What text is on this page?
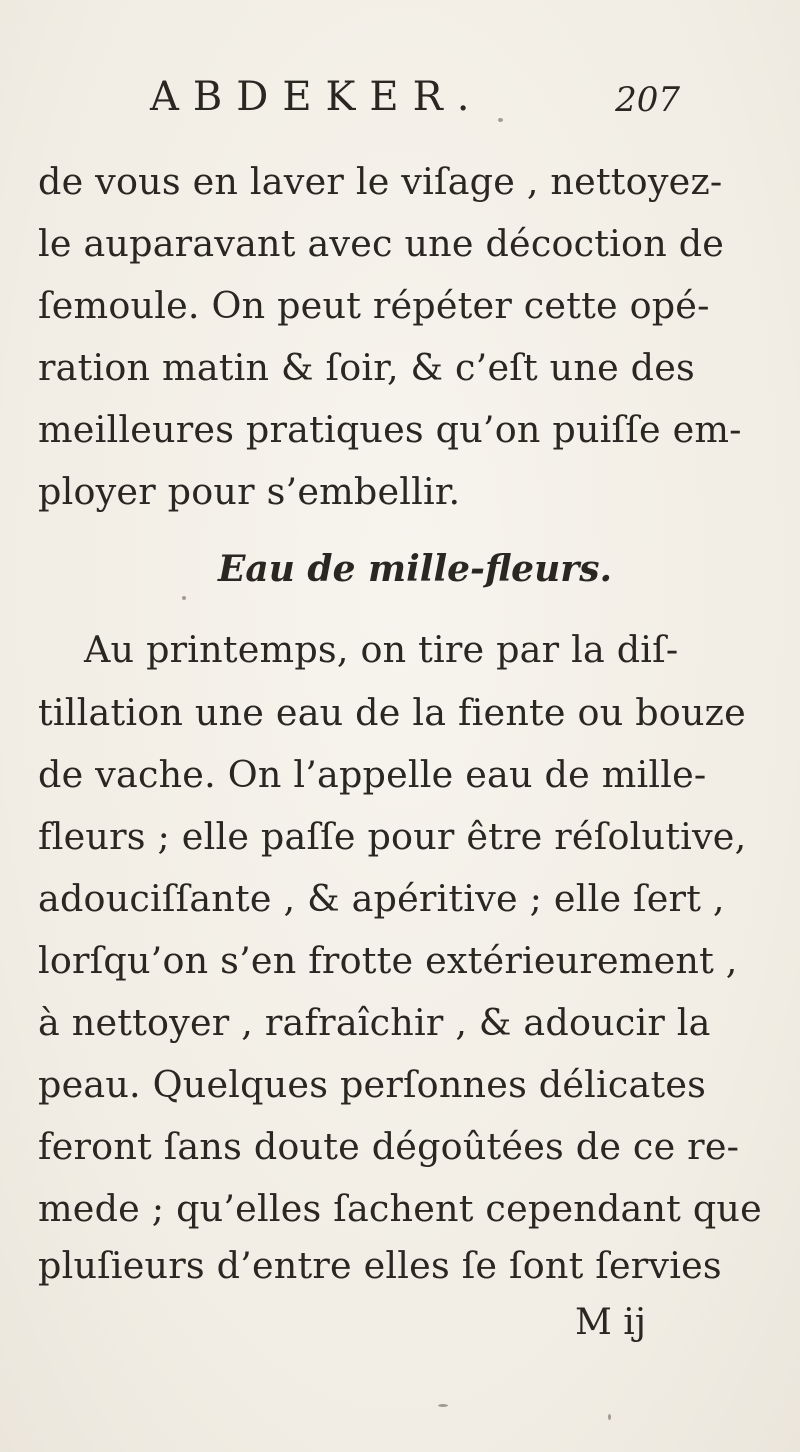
ABDEKER.	207
de vous en laver le viſage , nettoyez-
le auparavant avec une décoction de
ſemoule. On peut répéter cette opé-
ration matin & ſoir, & c’eſt une des
meilleures pratiques qu’on puiſſe em-
ployer pour s’embellir.
Eau de mille-fleurs.
Au printemps, on tire par la diſ-
tillation une eau de la fiente ou bouze
de vache. On l’appelle eau de mille-
fleurs ; elle paſſe pour être réſolutive,
adouciſſante , & apéritive ; elle ſert ,
lorſqu’on s’en frotte extérieurement ,
à nettoyer , rafraîchir , & adoucir la
peau. Quelques perſonnes délicates
feront ſans doute dégoûtées de ce re-
mede ; qu’elles ſachent cependant que
pluſieurs d’entre elles ſe ſont ſervies
M ij
